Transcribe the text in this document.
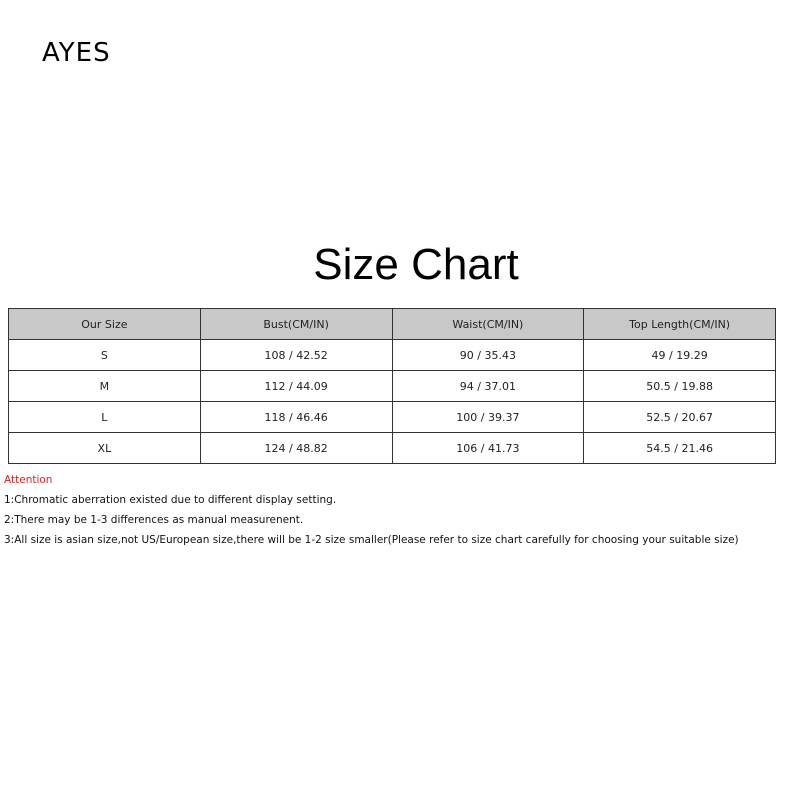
AYES
Size Chart
Our Size	Bust(CM/IN)	Waist(CM/IN)	Top Length(CM/IN)
S	108 / 42.52	90 / 35.43	49 / 19.29
M	112 / 44.09	94 / 37.01	50.5 / 19.88
L	118 / 46.46	100 / 39.37	52.5 / 20.67
XL	124 / 48.82	106 / 41.73	54.5 / 21.46
Attention
1:Chromatic aberration existed due to different display setting.
2:There may be 1-3 differences as manual measurenent.
3:All size is asian size,not US/European size,there will be 1-2 size smaller(Please refer to size chart carefully for choosing your suitable size)
